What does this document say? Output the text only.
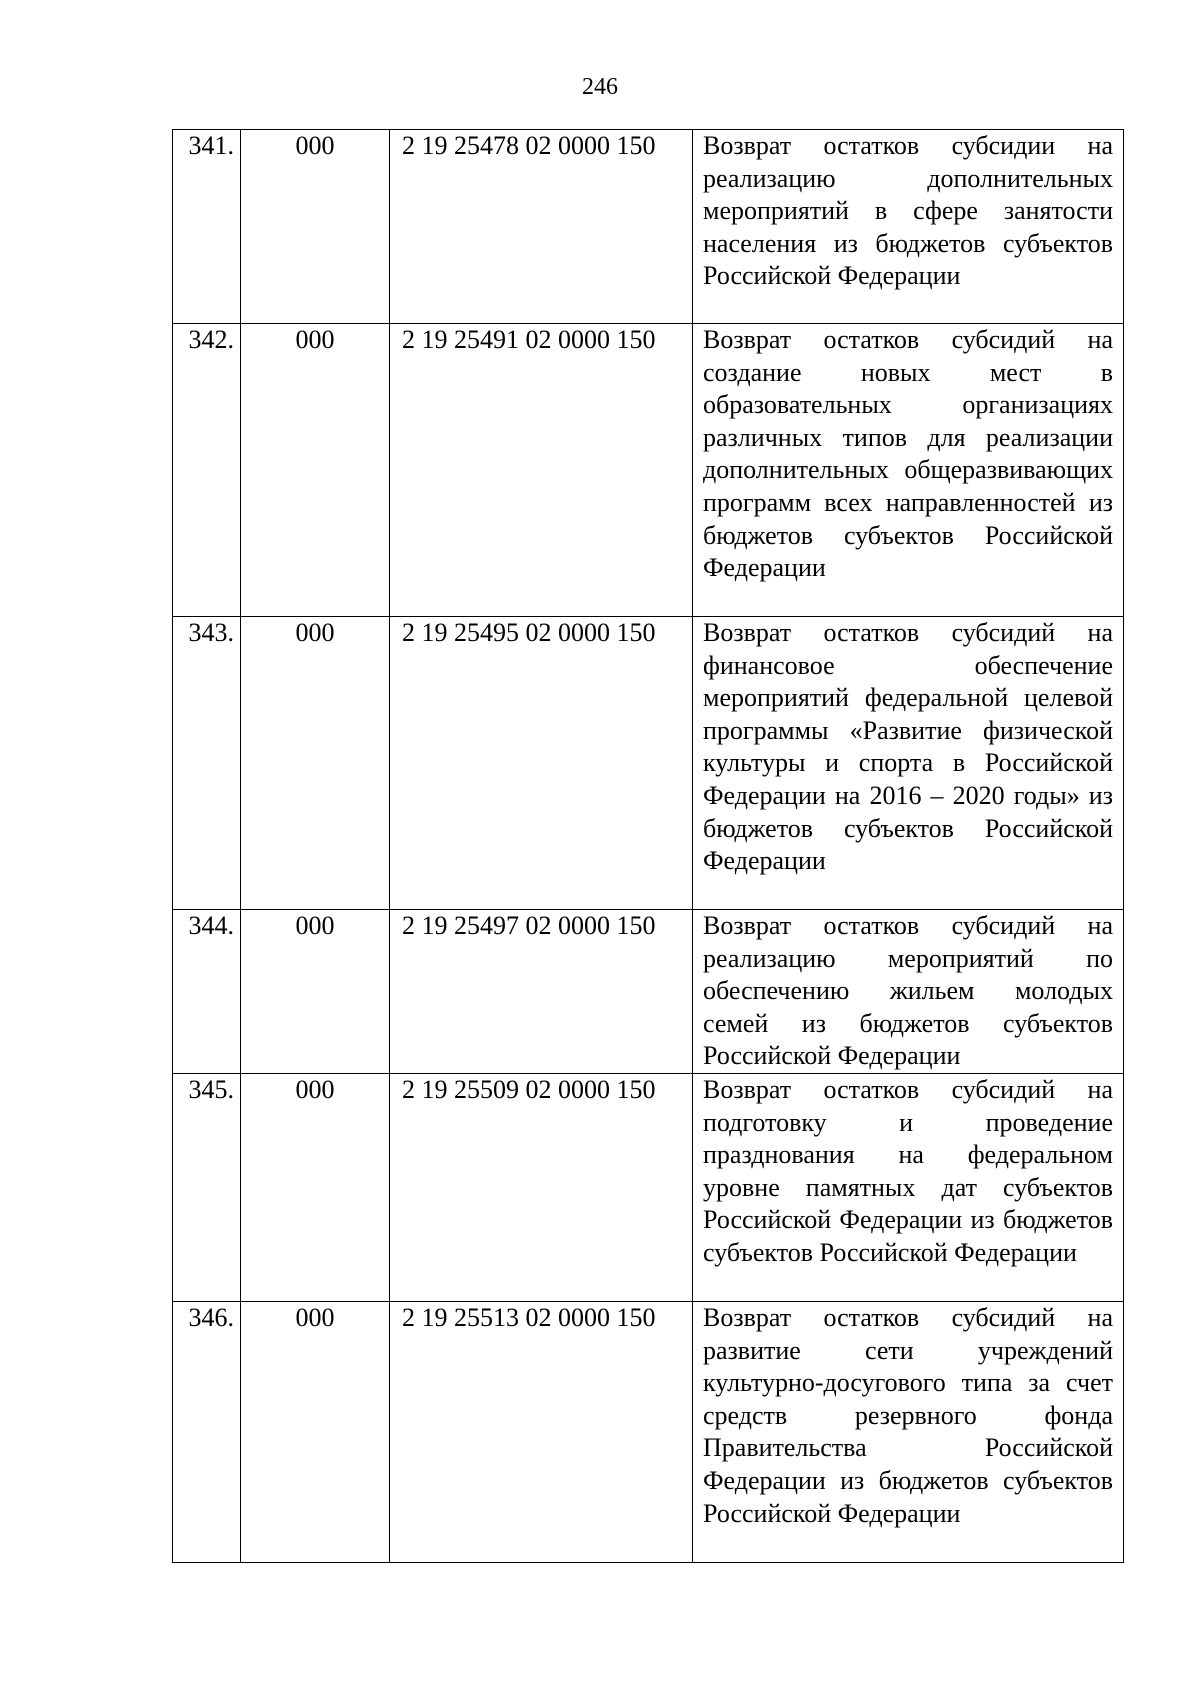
246
341.	000	2 19 25478 02 0000 150	Возврат остатков субсидии на реализацию дополнительных мероприятий в сфере занятости населения из бюджетов субъектов Российской Федерации
342.	000	2 19 25491 02 0000 150	Возврат остатков субсидий на создание новых мест в образовательных организациях различных типов для реализации дополнительных общеразвивающих программ всех направленностей из бюджетов субъектов Российской Федерации
343.	000	2 19 25495 02 0000 150	Возврат остатков субсидий на финансовое обеспечение мероприятий федеральной целевой программы «Развитие физической культуры и спорта в Российской Федерации на 2016 – 2020 годы» из бюджетов субъектов Российской Федерации
344.	000	2 19 25497 02 0000 150	Возврат остатков субсидий на реализацию мероприятий по обеспечению жильем молодых семей из бюджетов субъектов Российской Федерации
345.	000	2 19 25509 02 0000 150	Возврат остатков субсидий на подготовку и проведение празднования на федеральном уровне памятных дат субъектов Российской Федерации из бюджетов субъектов Российской Федерации
346.	000	2 19 25513 02 0000 150	Возврат остатков субсидий на развитие сети учреждений культурно-досугового типа за счет средств резервного фонда Правительства Российской Федерации из бюджетов субъектов Российской Федерации
